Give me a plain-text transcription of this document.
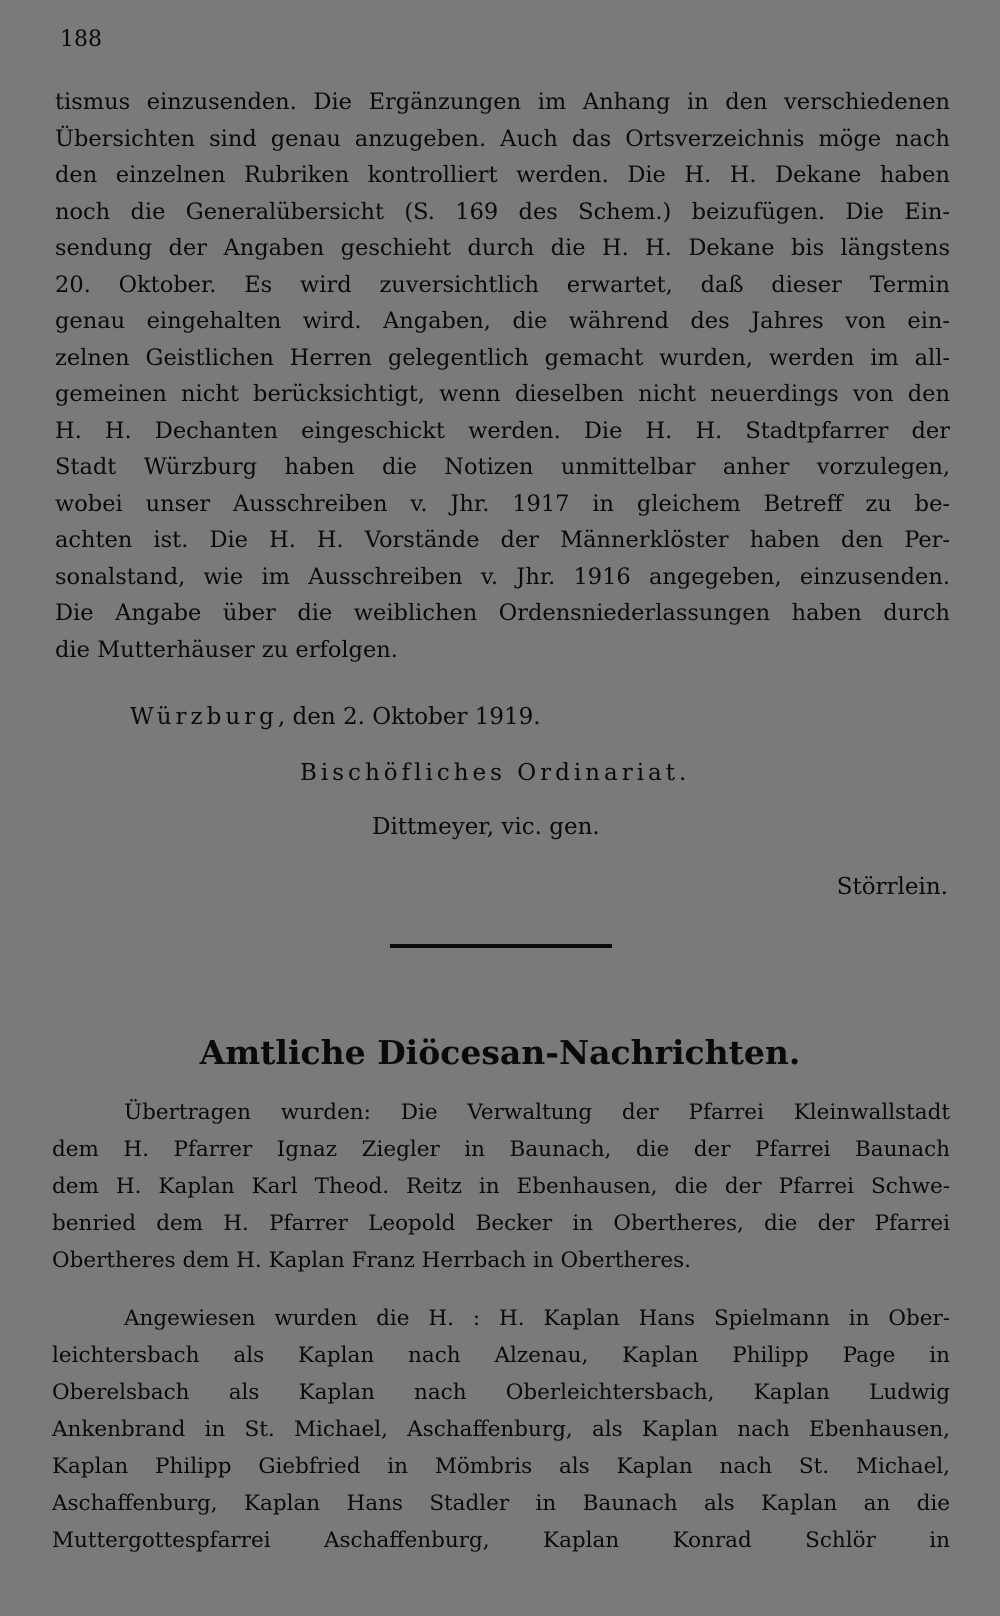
188
tismus einzusenden. Die Ergänzungen im Anhang in den verschiedenen
Übersichten sind genau anzugeben. Auch das Ortsverzeichnis möge nach
den einzelnen Rubriken kontrolliert werden. Die H. H. Dekane haben
noch die Generalübersicht (S. 169 des Schem.) beizufügen. Die Ein-
sendung der Angaben geschieht durch die H. H. Dekane bis längstens
20. Oktober. Es wird zuversichtlich erwartet, daß dieser Termin
genau eingehalten wird. Angaben, die während des Jahres von ein-
zelnen Geistlichen Herren gelegentlich gemacht wurden, werden im all-
gemeinen nicht berücksichtigt, wenn dieselben nicht neuerdings von den
H. H. Dechanten eingeschickt werden. Die H. H. Stadtpfarrer der
Stadt Würzburg haben die Notizen unmittelbar anher vorzulegen,
wobei unser Ausschreiben v. Jhr. 1917 in gleichem Betreff zu be-
achten ist. Die H. H. Vorstände der Männerklöster haben den Per-
sonalstand, wie im Ausschreiben v. Jhr. 1916 angegeben, einzusenden.
Die Angabe über die weiblichen Ordensniederlassungen haben durch
die Mutterhäuser zu erfolgen.
Würzburg, den 2. Oktober 1919.
Bischöfliches Ordinariat.
Dittmeyer, vic. gen.
Störrlein.
Amtliche Diöcesan-Nachrichten.
Übertragen wurden: Die Verwaltung der Pfarrei Kleinwallstadt
dem H. Pfarrer Ignaz Ziegler in Baunach, die der Pfarrei Baunach
dem H. Kaplan Karl Theod. Reitz in Ebenhausen, die der Pfarrei Schwe-
benried dem H. Pfarrer Leopold Becker in Obertheres, die der Pfarrei
Obertheres dem H. Kaplan Franz Herrbach in Obertheres.
Angewiesen wurden die H. : H. Kaplan Hans Spielmann in Ober-
leichtersbach als Kaplan nach Alzenau, Kaplan Philipp Page in
Oberelsbach als Kaplan nach Oberleichtersbach, Kaplan Ludwig
Ankenbrand in St. Michael, Aschaffenburg, als Kaplan nach Ebenhausen,
Kaplan Philipp Giebfried in Mömbris als Kaplan nach St. Michael,
Aschaffenburg, Kaplan Hans Stadler in Baunach als Kaplan an die
Muttergottespfarrei Aschaffenburg, Kaplan Konrad Schlör in
